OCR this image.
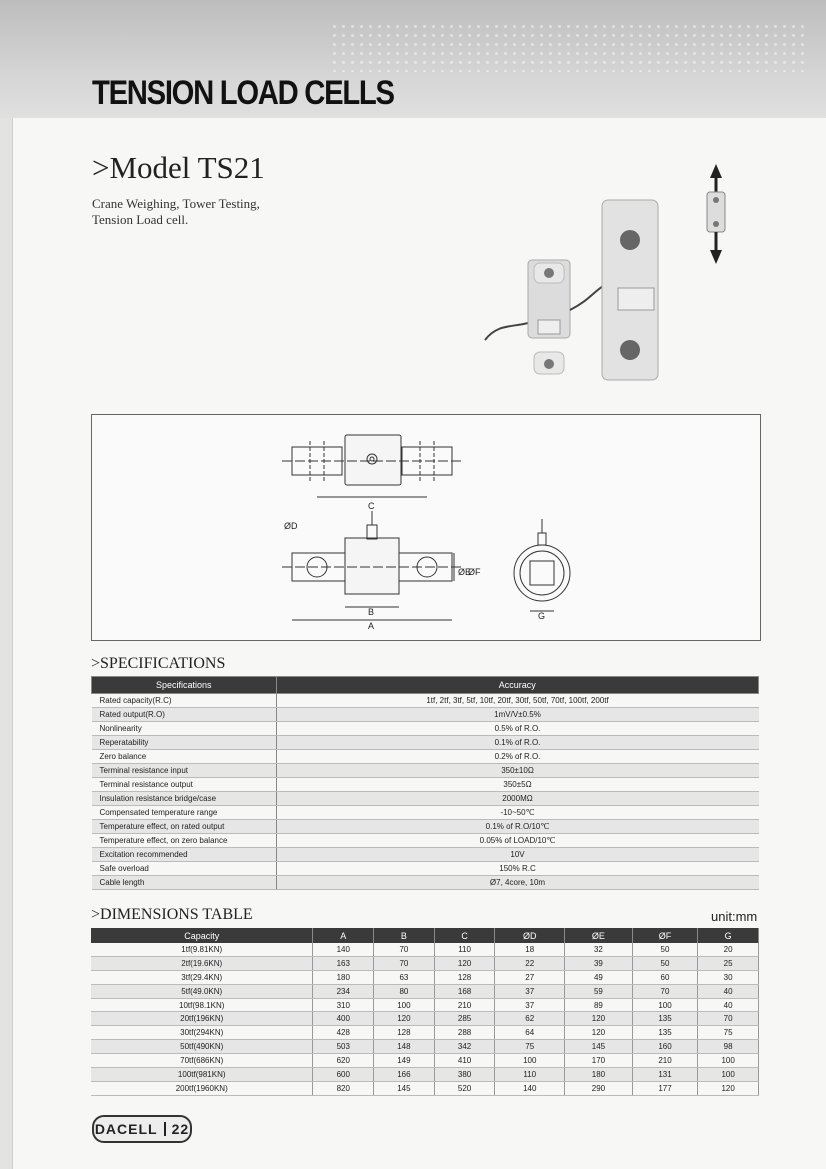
TENSION LOAD CELLS
>Model TS21
Crane Weighing, Tower Testing,
Tension Load cell.
C
B
A
ØD
ØE
ØF
G
>SPECIFICATIONS
Specifications	Accuracy
Rated capacity(R.C)	1tf, 2tf, 3tf, 5tf, 10tf, 20tf, 30tf, 50tf, 70tf, 100tf, 200tf
Rated output(R.O)	1mV/V±0.5%
Nonlinearity	0.5% of R.O.
Reperatability	0.1% of R.O.
Zero balance	0.2% of R.O.
Terminal resistance input	350±10Ω
Terminal resistance output	350±5Ω
Insulation resistance bridge/case	2000MΩ
Compensated temperature range	-10~50℃
Temperature effect, on rated output	0.1% of R.O/10℃
Temperature effect, on zero balance	0.05% of LOAD/10℃
Excitation recommended	10V
Safe overload	150% R.C
Cable length	Ø7, 4core, 10m
>DIMENSIONS TABLE	unit:mm
Capacity	A	B	C	ØD	ØE	ØF	G
1tf(9.81KN)	140	70	110	18	32	50	20
2tf(19.6KN)	163	70	120	22	39	50	25
3tf(29.4KN)	180	63	128	27	49	60	30
5tf(49.0KN)	234	80	168	37	59	70	40
10tf(98.1KN)	310	100	210	37	89	100	40
20tf(196KN)	400	120	285	62	120	135	70
30tf(294KN)	428	128	288	64	120	135	75
50tf(490KN)	503	148	342	75	145	160	98
70tf(686KN)	620	149	410	100	170	210	100
100tf(981KN)	600	166	380	110	180	131	100
200tf(1960KN)	820	145	520	140	290	177	120
DACELL 22
